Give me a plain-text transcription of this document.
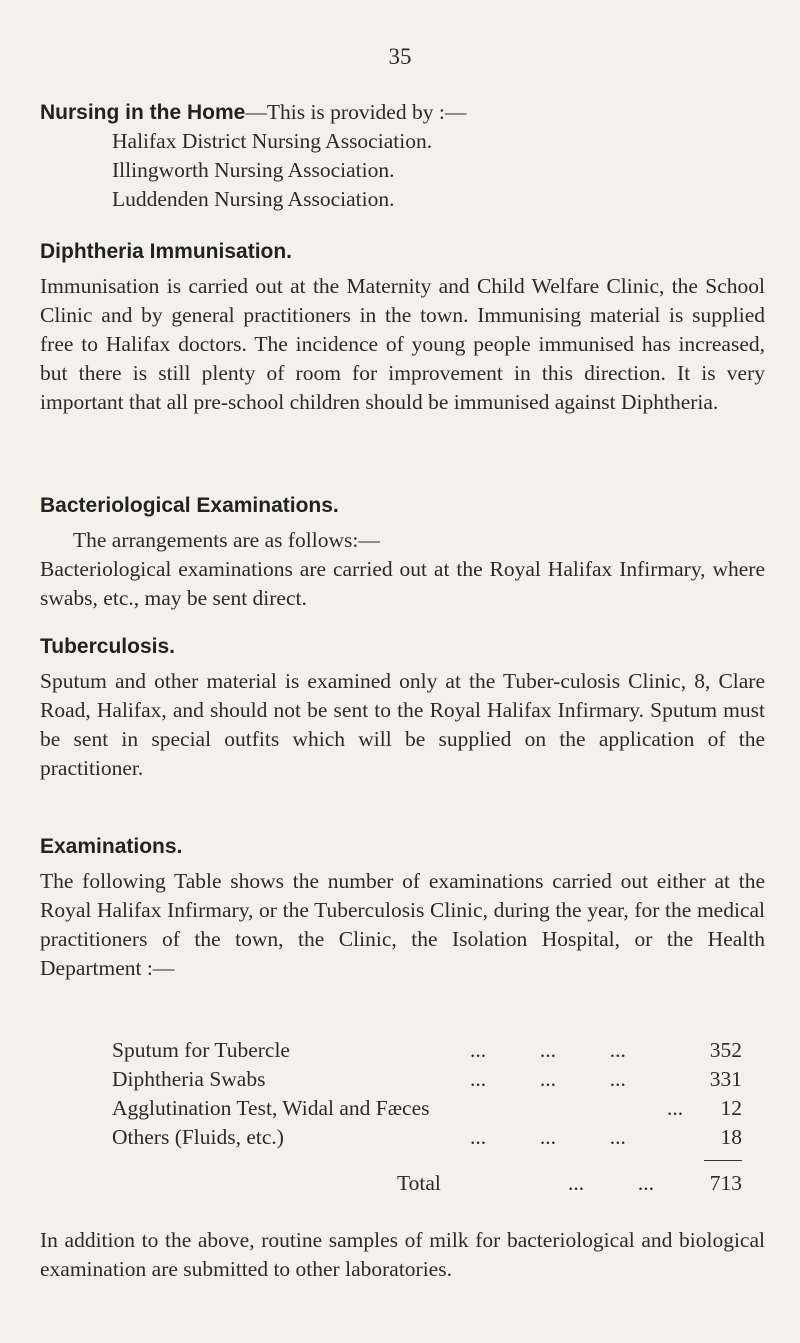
35
Nursing in the Home—This is provided by :—
Halifax District Nursing Association.
Illingworth Nursing Association.
Luddenden Nursing Association.
Diphtheria Immunisation.
Immunisation is carried out at the Maternity and Child Welfare Clinic, the School Clinic and by general practitioners in the town. Immunising material is supplied free to Halifax doctors. The incidence of young people immunised has increased, but there is still plenty of room for improvement in this direction. It is very important that all pre-school children should be immunised against Diphtheria.
Bacteriological Examinations.
The arrangements are as follows:—
Bacteriological examinations are carried out at the Royal Halifax Infirmary, where swabs, etc., may be sent direct.
Tuberculosis.
Sputum and other material is examined only at the Tuber-culosis Clinic, 8, Clare Road, Halifax, and should not be sent to the Royal Halifax Infirmary. Sputum must be sent in special outfits which will be supplied on the application of the practitioner.
Examinations.
The following Table shows the number of examinations carried out either at the Royal Halifax Infirmary, or the Tuberculosis Clinic, during the year, for the medical practitioners of the town, the Clinic, the Isolation Hospital, or the Health Department :—
Sputum for Tubercle	...          ...          ...	352
Diphtheria Swabs	...          ...          ...	331
Agglutination Test, Widal and Fæces	... 12
Others (Fluids, etc.)	...          ...          ...	18
Total	...          ...	713
In addition to the above, routine samples of milk for bacteriological and biological examination are submitted to other laboratories.
